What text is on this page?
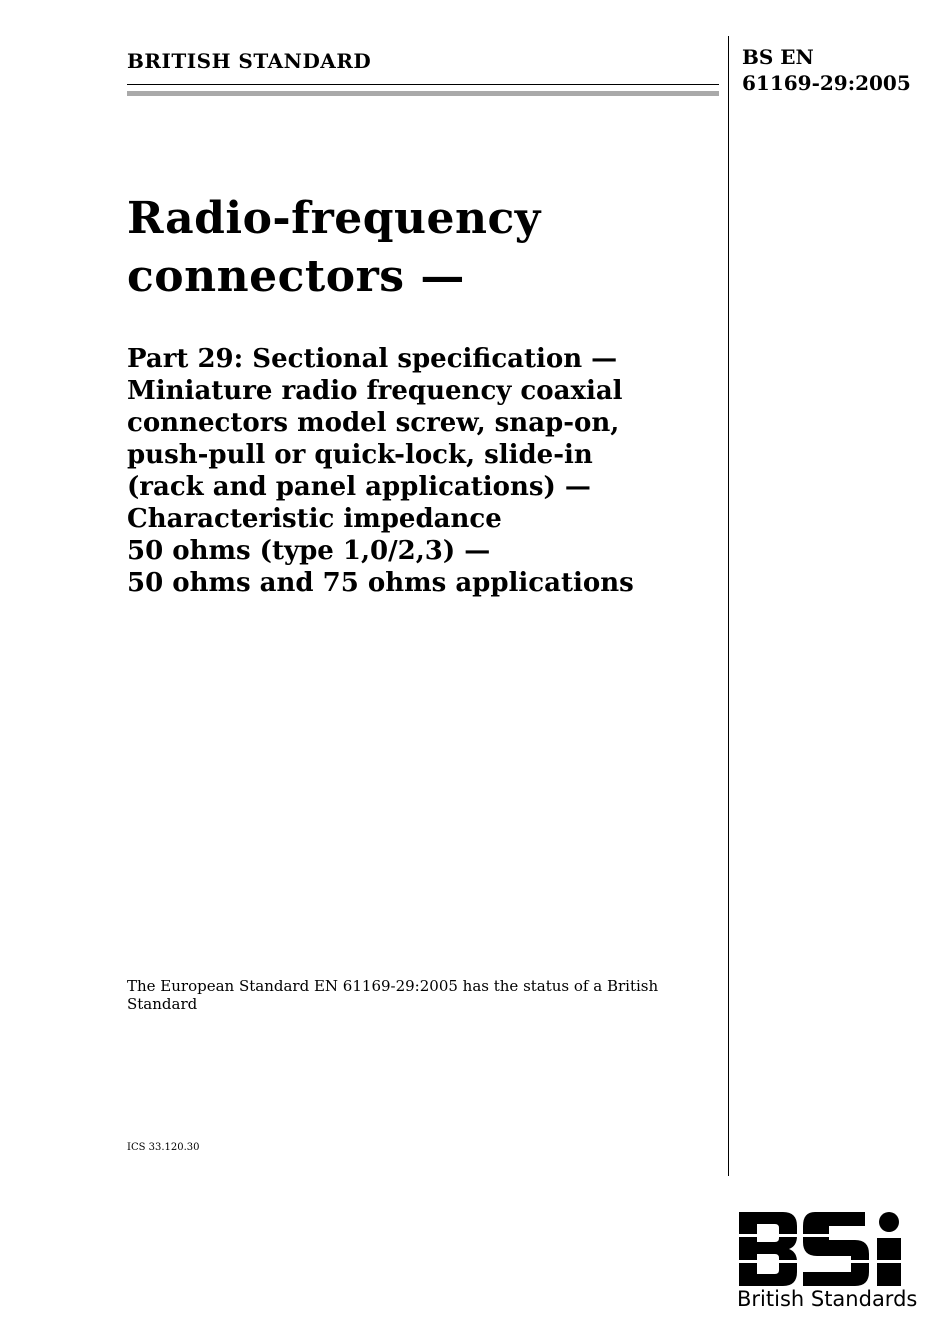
BRITISH STANDARD	BS EN
61169-29:2005
Radio-frequency
connectors —
Part 29: Sectional specification —
Miniature radio frequency coaxial
connectors model screw, snap-on,
push-pull or quick-lock, slide-in
(rack and panel applications) —
Characteristic impedance
50 ohms (type 1,0/2,3) —
50 ohms and 75 ohms applications
The European Standard EN 61169-29:2005 has the status of a British Standard
ICS 33.120.30
British Standards
